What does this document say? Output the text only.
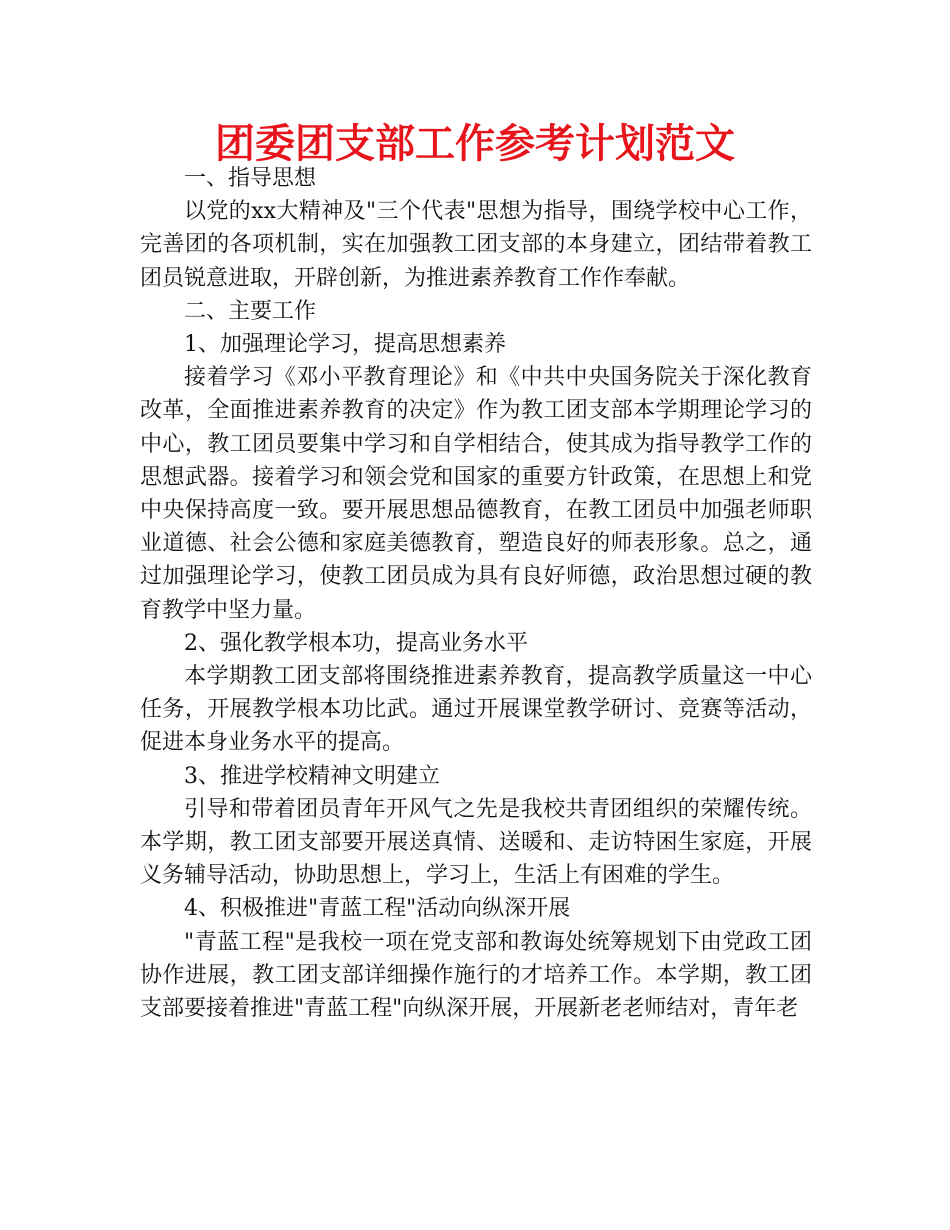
团委团支部工作参考计划范文

一、指导思想

以党的xx大精神及"三个代表"思想为指导，围绕学校中心工作，完善团的各项机制，实在加强教工团支部的本身建立，团结带着教工团员锐意进取，开辟创新，为推进素养教育工作作奉献。

二、主要工作

1、加强理论学习，提高思想素养

接着学习《邓小平教育理论》和《中共中央国务院关于深化教育改革，全面推进素养教育的决定》作为教工团支部本学期理论学习的中心，教工团员要集中学习和自学相结合，使其成为指导教学工作的思想武器。接着学习和领会党和国家的重要方针政策，在思想上和党中央保持高度一致。要开展思想品德教育，在教工团员中加强老师职业道德、社会公德和家庭美德教育，塑造良好的师表形象。总之，通过加强理论学习，使教工团员成为具有良好师德，政治思想过硬的教育教学中坚力量。

2、强化教学根本功，提高业务水平

本学期教工团支部将围绕推进素养教育，提高教学质量这一中心任务，开展教学根本功比武。通过开展课堂教学研讨、竞赛等活动，促进本身业务水平的提高。

3、推进学校精神文明建立

引导和带着团员青年开风气之先是我校共青团组织的荣耀传统。本学期，教工团支部要开展送真情、送暖和、走访特困生家庭，开展义务辅导活动，协助思想上，学习上，生活上有困难的学生。

4、积极推进"青蓝工程"活动向纵深开展

"青蓝工程"是我校一项在党支部和教诲处统筹规划下由党政工团协作进展，教工团支部详细操作施行的才培养工作。本学期，教工团支部要接着推进"青蓝工程"向纵深开展，开展新老老师结对，青年老
